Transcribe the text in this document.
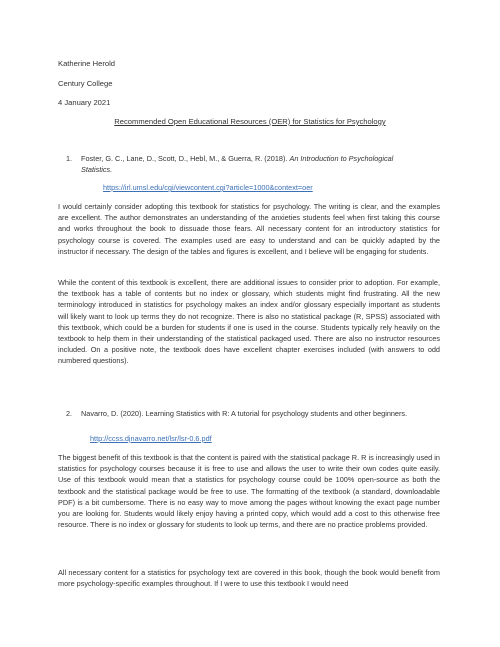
Katherine Herold
Century College
4 January 2021
Recommended Open Educational Resources (OER) for Statistics for Psychology
1.	Foster, G. C., Lane, D., Scott, D., Hebl, M., & Guerra, R. (2018). An Introduction to Psychological Statistics.
https://irl.umsl.edu/cgi/viewcontent.cgi?article=1000&context=oer
I would certainly consider adopting this textbook for statistics for psychology. The writing is clear, and the examples are excellent. The author demonstrates an understanding of the anxieties students feel when first taking this course and works throughout the book to dissuade those fears. All necessary content for an introductory statistics for psychology course is covered. The examples used are easy to understand and can be quickly adapted by the instructor if necessary. The design of the tables and figures is excellent, and I believe will be engaging for students.
While the content of this textbook is excellent, there are additional issues to consider prior to adoption. For example, the textbook has a table of contents but no index or glossary, which students might find frustrating. All the new terminology introduced in statistics for psychology makes an index and/or glossary especially important as students will likely want to look up terms they do not recognize. There is also no statistical package (R, SPSS) associated with this textbook, which could be a burden for students if one is used in the course. Students typically rely heavily on the textbook to help them in their understanding of the statistical packaged used. There are also no instructor resources included. On a positive note, the textbook does have excellent chapter exercises included (with answers to odd numbered questions).
2.	Navarro, D. (2020). Learning Statistics with R: A tutorial for psychology students and other beginners.
http://ccss.djnavarro.net/lsr/lsr-0.6.pdf
The biggest benefit of this textbook is that the content is paired with the statistical package R. R is increasingly used in statistics for psychology courses because it is free to use and allows the user to write their own codes quite easily. Use of this textbook would mean that a statistics for psychology course could be 100% open-source as both the textbook and the statistical package would be free to use. The formatting of the textbook (a standard, downloadable PDF) is a bit cumbersome. There is no easy way to move among the pages without knowing the exact page number you are looking for. Students would likely enjoy having a printed copy, which would add a cost to this otherwise free resource. There is no index or glossary for students to look up terms, and there are no practice problems provided.
All necessary content for a statistics for psychology text are covered in this book, though the book would benefit from more psychology-specific examples throughout. If I were to use this textbook I would need
